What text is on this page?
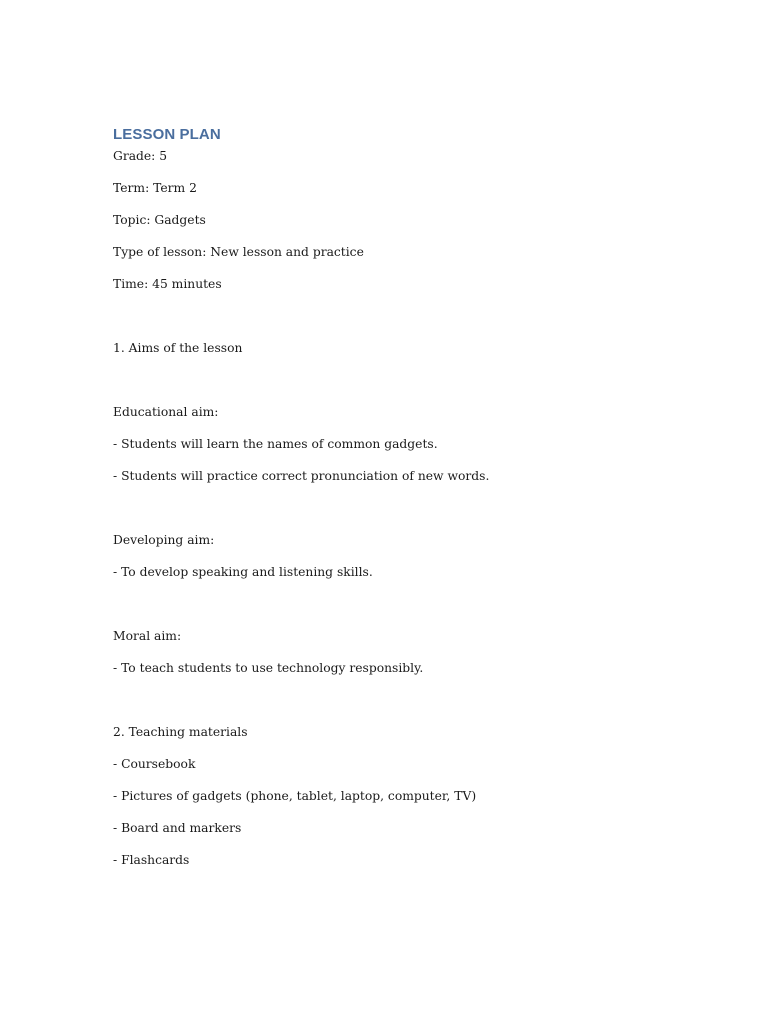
LESSON PLAN

Grade: 5

Term: Term 2

Topic: Gadgets

Type of lesson: New lesson and practice

Time: 45 minutes

1. Aims of the lesson

Educational aim:

- Students will learn the names of common gadgets.

- Students will practice correct pronunciation of new words.

Developing aim:

- To develop speaking and listening skills.

Moral aim:

- To teach students to use technology responsibly.

2. Teaching materials

- Coursebook

- Pictures of gadgets (phone, tablet, laptop, computer, TV)

- Board and markers

- Flashcards
